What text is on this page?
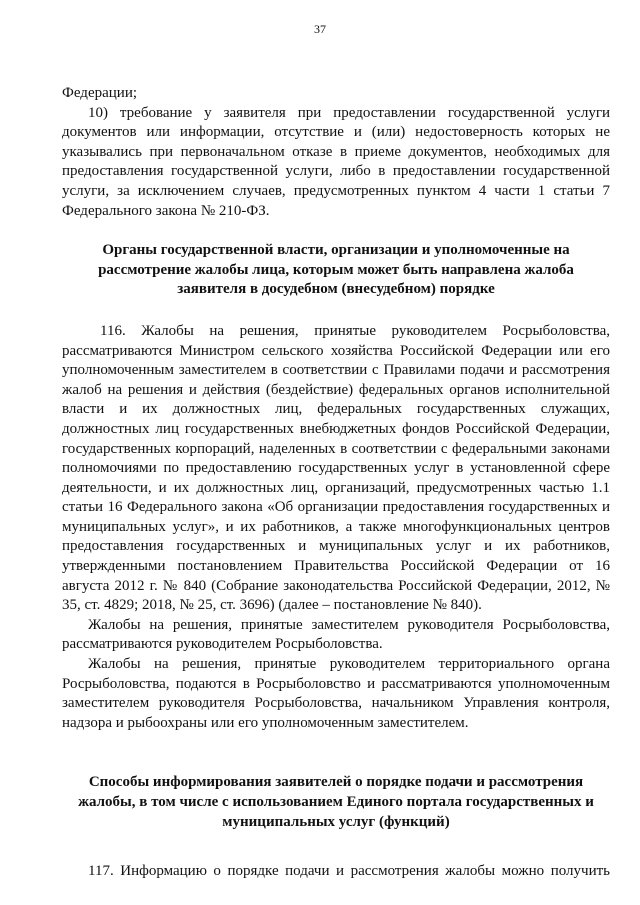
37

Федерации;

10) требование у заявителя при предоставлении государственной услуги документов или информации, отсутствие и (или) недостоверность которых не указывались при первоначальном отказе в приеме документов, необходимых для предоставления государственной услуги, либо в предоставлении государственной услуги, за исключением случаев, предусмотренных пунктом 4 части 1 статьи 7 Федерального закона № 210-ФЗ.

Органы государственной власти, организации и уполномоченные на рассмотрение жалобы лица, которым может быть направлена жалоба заявителя в досудебном (внесудебном) порядке

116. Жалобы на решения, принятые руководителем Росрыболовства, рассматриваются Министром сельского хозяйства Российской Федерации или его уполномоченным заместителем в соответствии с Правилами подачи и рассмотрения жалоб на решения и действия (бездействие) федеральных органов исполнительной власти и их должностных лиц, федеральных государственных служащих, должностных лиц государственных внебюджетных фондов Российской Федерации, государственных корпораций, наделенных в соответствии с федеральными законами полномочиями по предоставлению государственных услуг в установленной сфере деятельности, и их должностных лиц, организаций, предусмотренных частью 1.1 статьи 16 Федерального закона «Об организации предоставления государственных и муниципальных услуг», и их работников, а также многофункциональных центров предоставления государственных и муниципальных услуг и их работников, утвержденными постановлением Правительства Российской Федерации от 16 августа 2012 г. № 840 (Собрание законодательства Российской Федерации, 2012, № 35, ст. 4829; 2018, № 25, ст. 3696) (далее – постановление № 840).

Жалобы на решения, принятые заместителем руководителя Росрыболовства, рассматриваются руководителем Росрыболовства.

Жалобы на решения, принятые руководителем территориального органа Росрыболовства, подаются в Росрыболовство и рассматриваются уполномоченным заместителем руководителя Росрыболовства, начальником Управления контроля, надзора и рыбоохраны или его уполномоченным заместителем.

Способы информирования заявителей о порядке подачи и рассмотрения жалобы, в том числе с использованием Единого портала государственных и муниципальных услуг (функций)

117. Информацию о порядке подачи и рассмотрения жалобы можно получить
